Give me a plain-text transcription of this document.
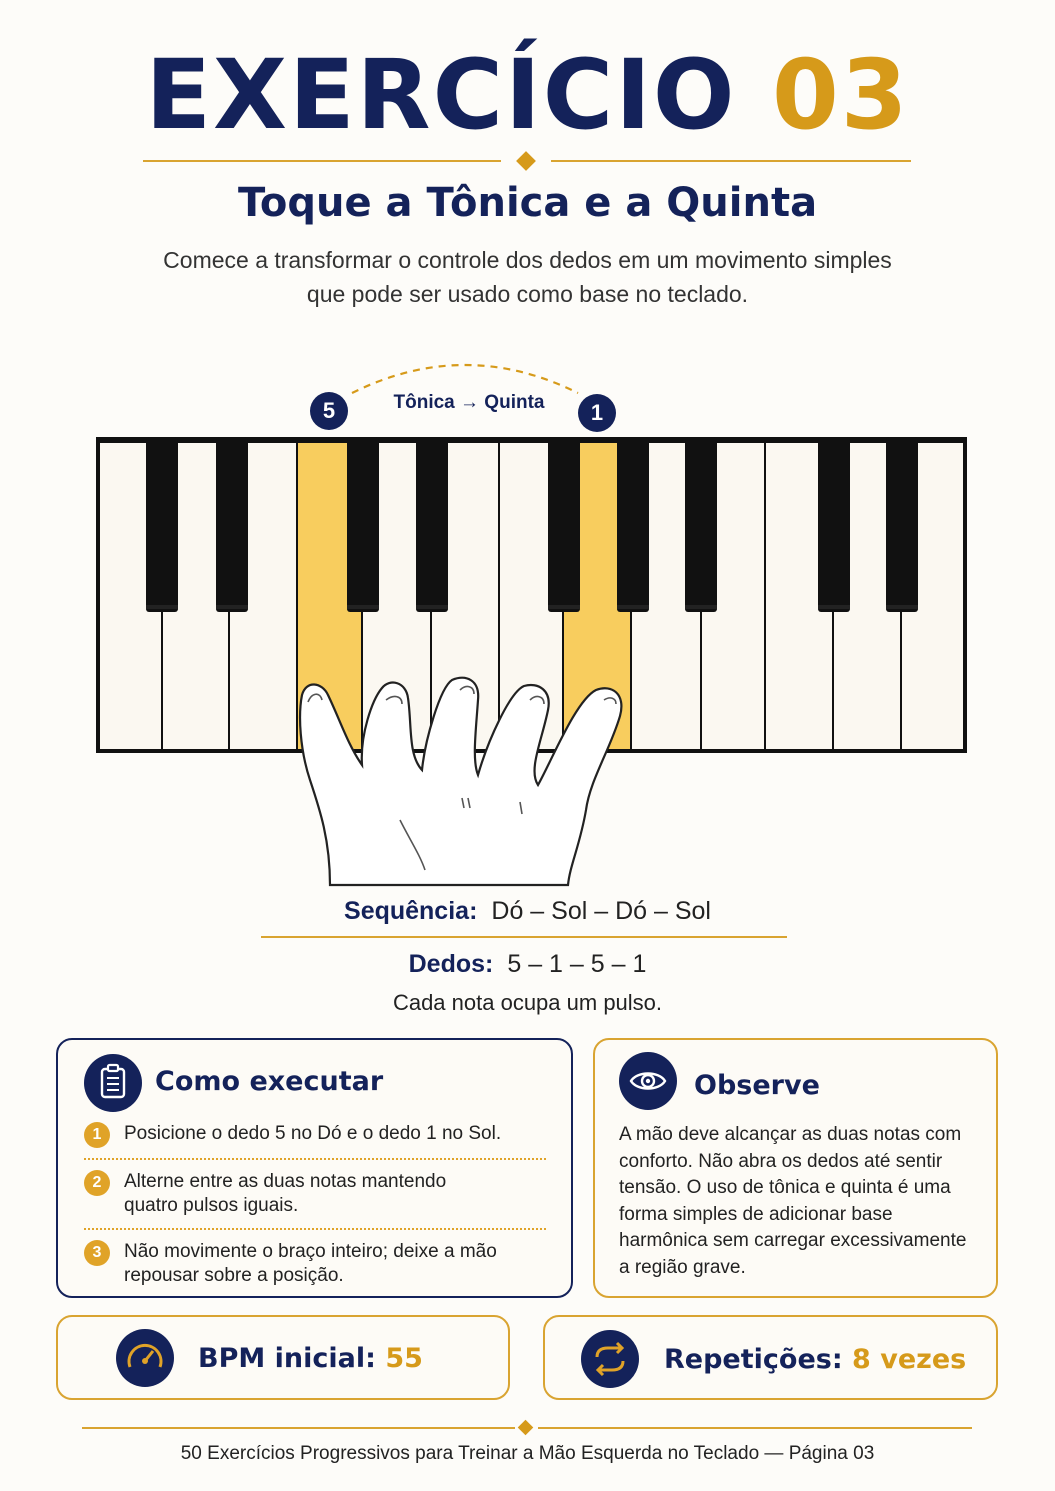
EXERCÍCIO 03
Toque a Tônica e a Quinta
Comece a transformar o controle dos dedos em um movimento simples que pode ser usado como base no teclado.
5	Tônica → Quinta	1
Sequência: Dó – Sol – Dó – Sol
Dedos: 5 – 1 – 5 – 1
Cada nota ocupa um pulso.
Como executar
1	Posicione o dedo 5 no Dó e o dedo 1 no Sol.
2	Alterne entre as duas notas mantendo quatro pulsos iguais.
3	Não movimente o braço inteiro; deixe a mão repousar sobre a posição.
Observe
A mão deve alcançar as duas notas com conforto. Não abra os dedos até sentir tensão. O uso de tônica e quinta é uma forma simples de adicionar base harmônica sem carregar excessivamente a região grave.
BPM inicial: 55	Repetições: 8 vezes
50 Exercícios Progressivos para Treinar a Mão Esquerda no Teclado — Página 03
